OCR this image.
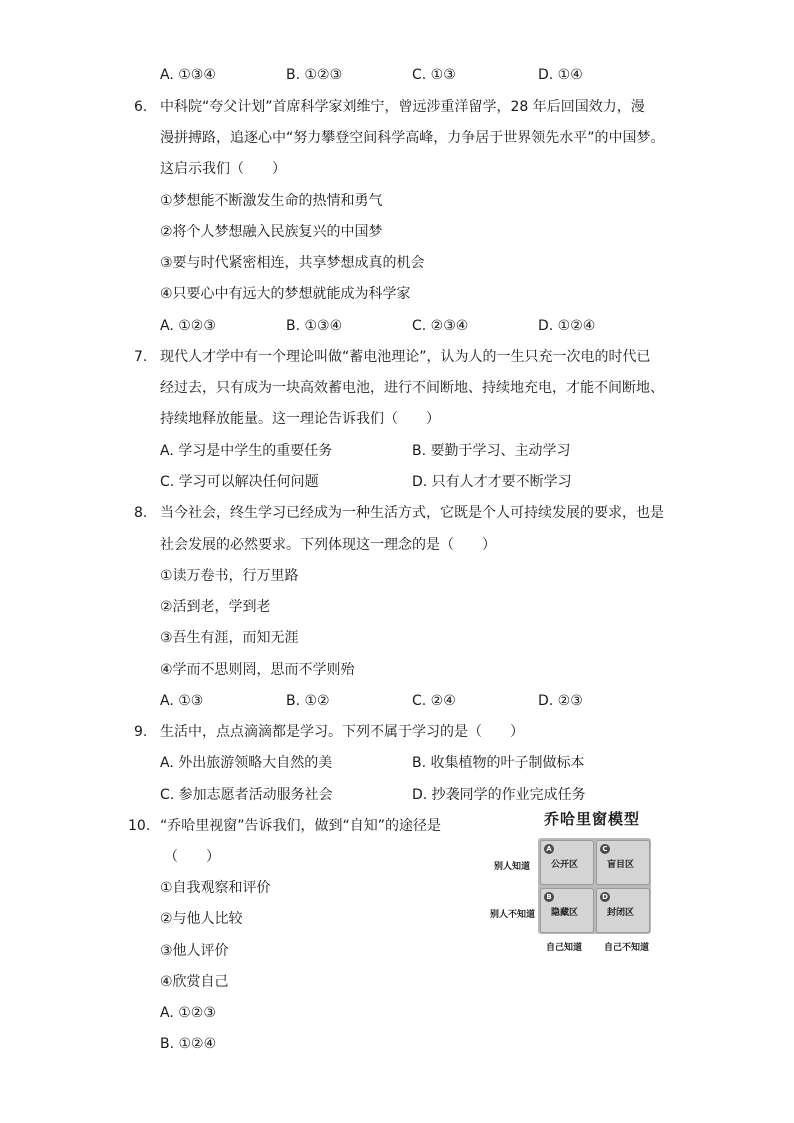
A. ①③④	B. ①②③	C. ①③	D. ①④
6. 中科院“夸父计划”首席科学家刘维宁，曾远涉重洋留学，28 年后回国效力，漫
漫拼搏路，追逐心中“努力攀登空间科学高峰，力争居于世界领先水平”的中国梦。
这启示我们（　　）
①梦想能不断激发生命的热情和勇气
②将个人梦想融入民族复兴的中国梦
③要与时代紧密相连，共享梦想成真的机会
④只要心中有远大的梦想就能成为科学家
A. ①②③	B. ①③④	C. ②③④	D. ①②④
7. 现代人才学中有一个理论叫做“蓄电池理论”，认为人的一生只充一次电的时代已
经过去，只有成为一块高效蓄电池，进行不间断地、持续地充电，才能不间断地、
持续地释放能量。这一理论告诉我们（　　）
A. 学习是中学生的重要任务	B. 要勤于学习、主动学习
C. 学习可以解决任何问题	D. 只有人才才要不断学习
8. 当今社会，终生学习已经成为一种生活方式，它既是个人可持续发展的要求，也是
社会发展的必然要求。下列体现这一理念的是（　　）
①读万卷书，行万里路
②活到老，学到老
③吾生有涯，而知无涯
④学而不思则罔，思而不学则殆
A. ①③	B. ①②	C. ②④	D. ②③
9. 生活中，点点滴滴都是学习。下列不属于学习的是（　　）
A. 外出旅游领略大自然的美	B. 收集植物的叶子制做标本
C. 参加志愿者活动服务社会	D. 抄袭同学的作业完成任务
10. “乔哈里视窗”告诉我们，做到“自知”的途径是
（　　）
①自我观察和评价
②与他人比较
③他人评价
④欣赏自己
A. ①②③
B. ①②④
乔哈里窗模型
别人知道
别人不知道
A
公开区
C
盲目区
B
隐藏区
D
封闭区
自己知道 自己不知道
